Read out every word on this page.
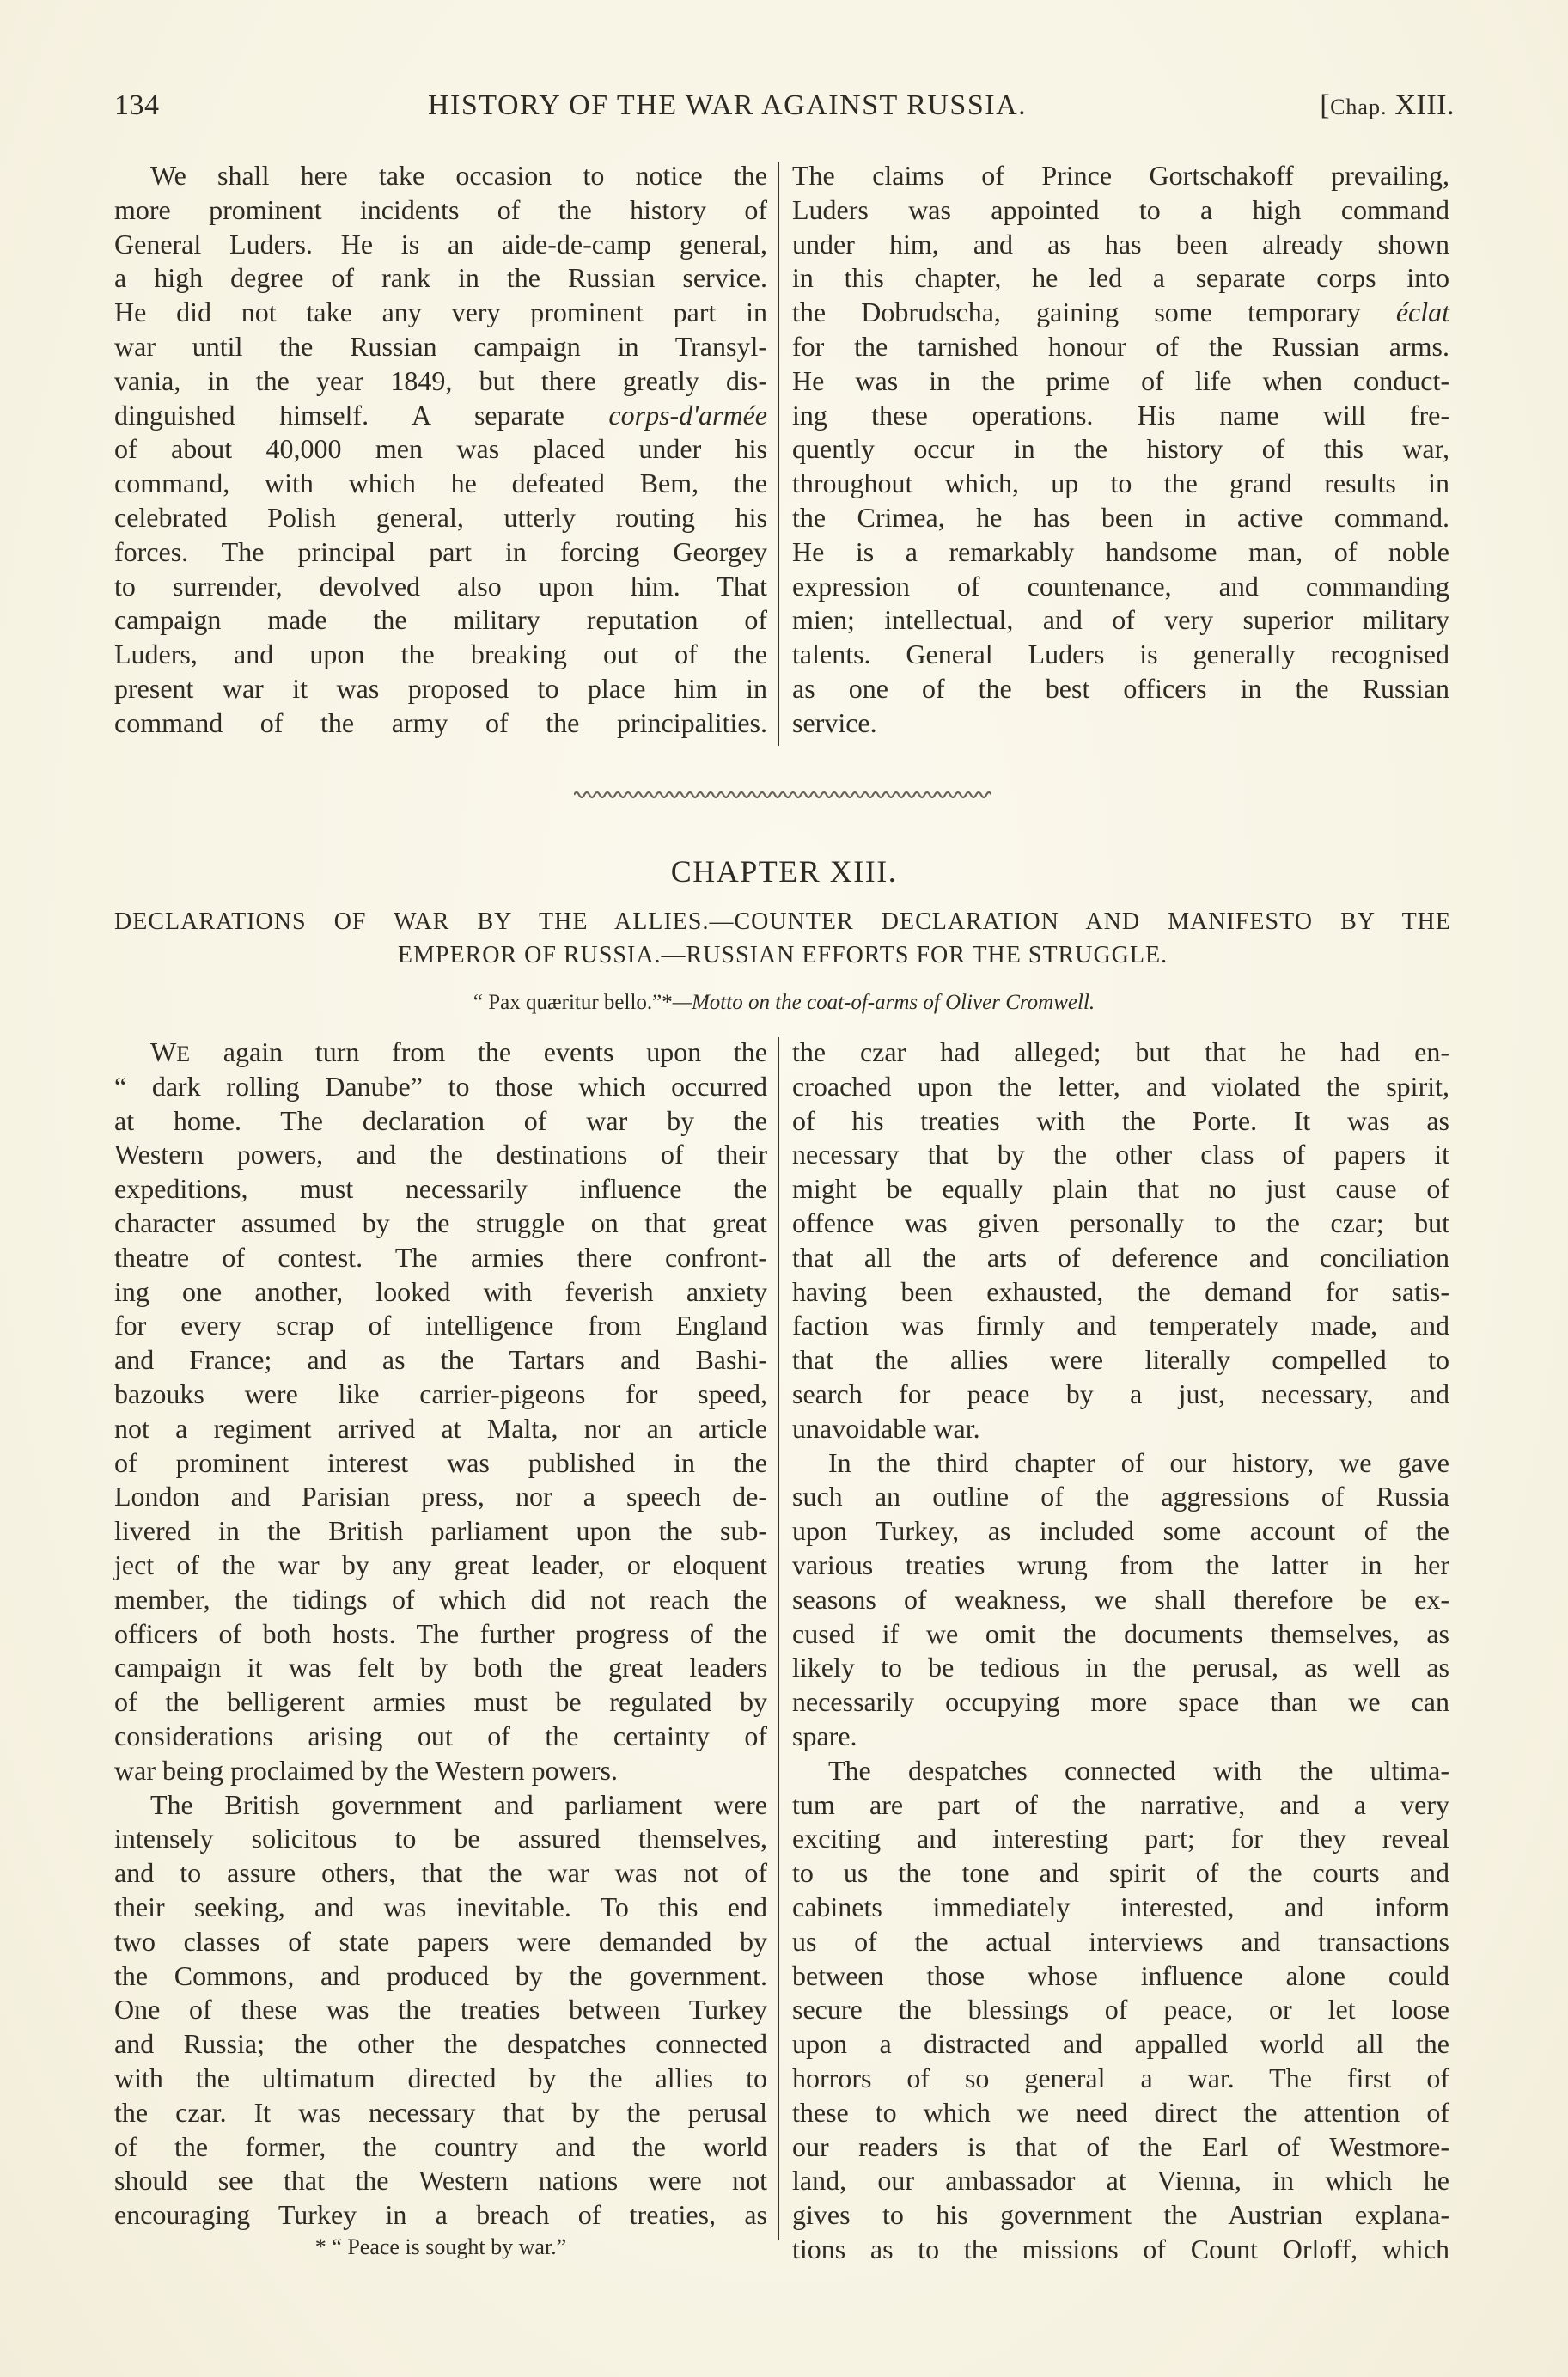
134	HISTORY OF THE WAR AGAINST RUSSIA.	[Chap. XIII.
We shall here take occasion to notice the
more prominent incidents of the history of
General Luders. He is an aide-de-camp general,
a high degree of rank in the Russian service.
He did not take any very prominent part in
war until the Russian campaign in Transyl-
vania, in the year 1849, but there greatly dis-
dinguished himself. A separate corps-d'armée
of about 40,000 men was placed under his
command, with which he defeated Bem, the
celebrated Polish general, utterly routing his
forces. The principal part in forcing Georgey
to surrender, devolved also upon him. That
campaign made the military reputation of
Luders, and upon the breaking out of the
present war it was proposed to place him in
command of the army of the principalities.
The claims of Prince Gortschakoff prevailing,
Luders was appointed to a high command
under him, and as has been already shown
in this chapter, he led a separate corps into
the Dobrudscha, gaining some temporary éclat
for the tarnished honour of the Russian arms.
He was in the prime of life when conduct-
ing these operations. His name will fre-
quently occur in the history of this war,
throughout which, up to the grand results in
the Crimea, he has been in active command.
He is a remarkably handsome man, of noble
expression of countenance, and commanding
mien; intellectual, and of very superior military
talents. General Luders is generally recognised
as one of the best officers in the Russian
service.
CHAPTER XIII.
DECLARATIONS OF WAR BY THE ALLIES.—COUNTER DECLARATION AND MANIFESTO BY THE
EMPEROR OF RUSSIA.—RUSSIAN EFFORTS FOR THE STRUGGLE.
“ Pax quæritur bello.”*—Motto on the coat-of-arms of Oliver Cromwell.
WE again turn from the events upon the
“ dark rolling Danube” to those which occurred
at home. The declaration of war by the
Western powers, and the destinations of their
expeditions, must necessarily influence the
character assumed by the struggle on that great
theatre of contest. The armies there confront-
ing one another, looked with feverish anxiety
for every scrap of intelligence from England
and France; and as the Tartars and Bashi-
bazouks were like carrier-pigeons for speed,
not a regiment arrived at Malta, nor an article
of prominent interest was published in the
London and Parisian press, nor a speech de-
livered in the British parliament upon the sub-
ject of the war by any great leader, or eloquent
member, the tidings of which did not reach the
officers of both hosts. The further progress of the
campaign it was felt by both the great leaders
of the belligerent armies must be regulated by
considerations arising out of the certainty of
war being proclaimed by the Western powers.
The British government and parliament were
intensely solicitous to be assured themselves,
and to assure others, that the war was not of
their seeking, and was inevitable. To this end
two classes of state papers were demanded by
the Commons, and produced by the government.
One of these was the treaties between Turkey
and Russia; the other the despatches connected
with the ultimatum directed by the allies to
the czar. It was necessary that by the perusal
of the former, the country and the world
should see that the Western nations were not
encouraging Turkey in a breach of treaties, as
* “ Peace is sought by war.”
the czar had alleged; but that he had en-
croached upon the letter, and violated the spirit,
of his treaties with the Porte. It was as
necessary that by the other class of papers it
might be equally plain that no just cause of
offence was given personally to the czar; but
that all the arts of deference and conciliation
having been exhausted, the demand for satis-
faction was firmly and temperately made, and
that the allies were literally compelled to
search for peace by a just, necessary, and
unavoidable war.
In the third chapter of our history, we gave
such an outline of the aggressions of Russia
upon Turkey, as included some account of the
various treaties wrung from the latter in her
seasons of weakness, we shall therefore be ex-
cused if we omit the documents themselves, as
likely to be tedious in the perusal, as well as
necessarily occupying more space than we can
spare.
The despatches connected with the ultima-
tum are part of the narrative, and a very
exciting and interesting part; for they reveal
to us the tone and spirit of the courts and
cabinets immediately interested, and inform
us of the actual interviews and transactions
between those whose influence alone could
secure the blessings of peace, or let loose
upon a distracted and appalled world all the
horrors of so general a war. The first of
these to which we need direct the attention of
our readers is that of the Earl of Westmore-
land, our ambassador at Vienna, in which he
gives to his government the Austrian explana-
tions as to the missions of Count Orloff, which
